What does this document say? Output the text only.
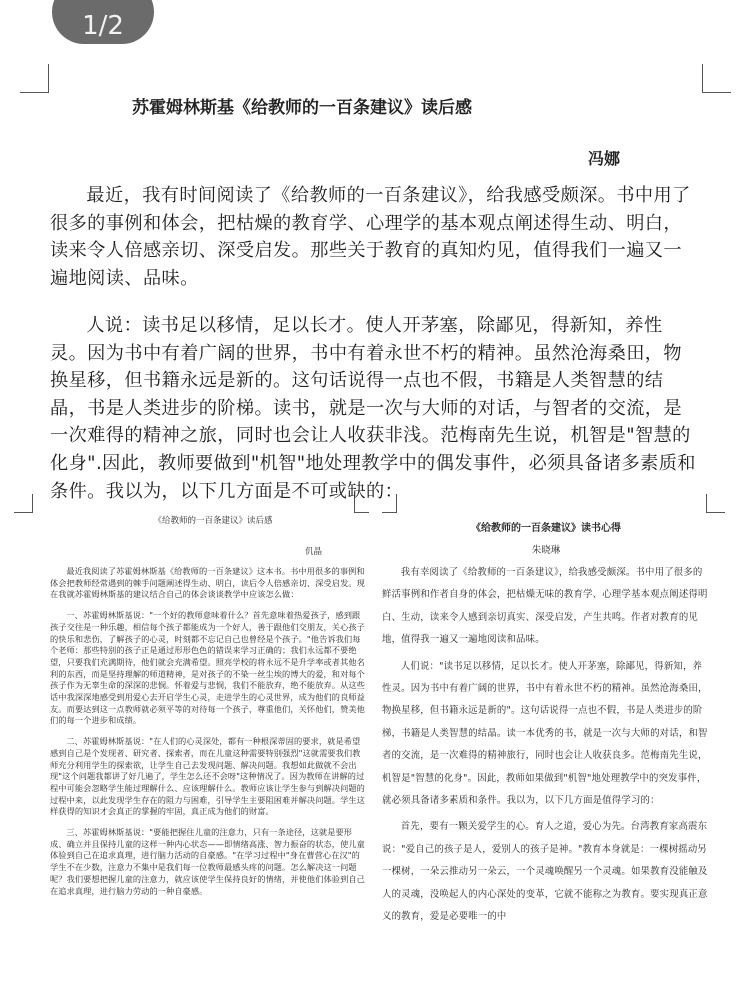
1/2
苏霍姆林斯基《给教师的一百条建议》读后感
冯娜

最近，我有时间阅读了《给教师的一百条建议》，给我感受颇深。书中用了很多的事例和体会，把枯燥的教育学、心理学的基本观点阐述得生动、明白，读来令人倍感亲切、深受启发。那些关于教育的真知灼见，值得我们一遍又一遍地阅读、品味。

人说：读书足以移情，足以长才。使人开茅塞，除鄙见，得新知，养性灵。因为书中有着广阔的世界，书中有着永世不朽的精神。虽然沧海桑田，物换星移，但书籍永远是新的。这句话说得一点也不假，书籍是人类智慧的结晶，书是人类进步的阶梯。读书，就是一次与大师的对话，与智者的交流，是一次难得的精神之旅，同时也会让人收获非浅。范梅南先生说，机智是"智慧的化身".因此，教师要做到"机智"地处理教学中的偶发事件，必须具备诸多素质和条件。我以为，以下几方面是不可或缺的：

《给教师的一百条建议》读后感
仉晶

最近我阅读了苏霍姆林斯基《给教师的一百条建议》这本书。书中用很多的事例和体会把教师经常遇到的棘手问题阐述得生动、明白，读后令人倍感亲切、深受启发。现在我就苏霍姆林斯基的建议结合自己的体会谈谈教学中应该怎么做：

一、苏霍姆林斯基说："一个好的教师意味着什么？首先意味着热爱孩子，感到跟孩子交往是一种乐趣，相信每个孩子都能成为一个好人，善于跟他们交朋友，关心孩子的快乐和悲伤，了解孩子的心灵，时刻都不忘记自己也曾经是个孩子。"他告诉我们每个老师：那些特别的孩子正是通过形形色色的错误来学习正确的；我们永远都不要绝望，只要我们充满期待，他们就会充满希望。照亮学校的将永远不是升学率或者其他名利的东西，而是坚持理解的师道精神，是对孩子的不染一丝尘埃的博大的爱，和对每个孩子作为无辜生命的深深的悲悯。怀着爱与悲悯，我们不能放弃，绝不能放弃。从这些话中我深深地感受到用爱心去开启学生心灵，走进学生的心灵世界，成为他们的良师益友。而要达到这一点教师就必须平等的对待每一个孩子，尊重他们，关怀他们，赞美他们的每一个进步和成绩。

二、苏霍姆林斯基说："在人们的心灵深处，都有一种根深蒂固的要求，就是希望感到自己是个发现者、研究者、探索者，而在儿童这种需要特别强烈"这就需要我们教师充分利用学生的探索欲，让学生自己去发现问题、解决问题。我想如此做就不会出现"这个问题我都讲了好几遍了，学生怎么还不会呀"这种情况了。因为教师在讲解的过程中可能会忽略学生能过理解什么、应该理解什么。教师应该让学生参与到解决问题的过程中来，以此发现学生存在的阻力与困难，引导学生主要阻困难并解决问题。学生这样获得的知识才会真正的掌握的牢固，真正成为他们的财富。

三、苏霍姆林斯基说："要能把握住儿童的注意力，只有一条途径，这就是要形成、确立并且保持儿童的这样一种内心状态——即情绪高涨、智力振奋的状态，使儿童体验到自己在追求真理，进行脑力活动的自豪感。"在学习过程中"身在曹营心在汉"的学生不在少数，注意力不集中是我们每一位教师最感头疼的问题。怎么解决这一问题呢？我们要想把握儿童的注意力，就应该使学生保持良好的情绪，并使他们体验到自己在追求真理，进行脑力劳动的一种自豪感。

《给教师的一百条建议》读书心得
朱晓琳

我有幸阅读了《给教师的一百条建议》，给我感受颇深。书中用了很多的鲜活事例和作者自身的体会，把枯燥无味的教育学、心理学基本观点阐述得明白、生动，读来令人感到亲切真实、深受启发，产生共鸣。作者对教育的见地，值得我一遍又一遍地阅读和品味。

人们说："读书足以移情，足以长才。使人开茅塞，除鄙见，得新知，养性灵。因为书中有着广阔的世界，书中有着永世不朽的精神。虽然沧海桑田，物换星移，但书籍永远是新的"。这句话说得一点也不假，书是人类进步的阶梯，书籍是人类智慧的结晶。读一本优秀的书，就是一次与大师的对话，和智者的交流，是一次难得的精神旅行，同时也会让人收获良多。范梅南先生说，机智是"智慧的化身"。因此，教师如果做到"机智"地处理教学中的突发事件，就必须具备诸多素质和条件。我以为，以下几方面是值得学习的：

首先，要有一颗关爱学生的心。育人之道，爱心为先。台湾教育家高震东说："爱自己的孩子是人，爱别人的孩子是神。"教育本身就是：一棵树摇动另一棵树，一朵云推动另一朵云，一个灵魂唤醒另一个灵魂。如果教育没能触及人的灵魂，没唤起人的内心深处的变革，它就不能称之为教育。要实现真正意义的教育，爱是必要唯一的中
